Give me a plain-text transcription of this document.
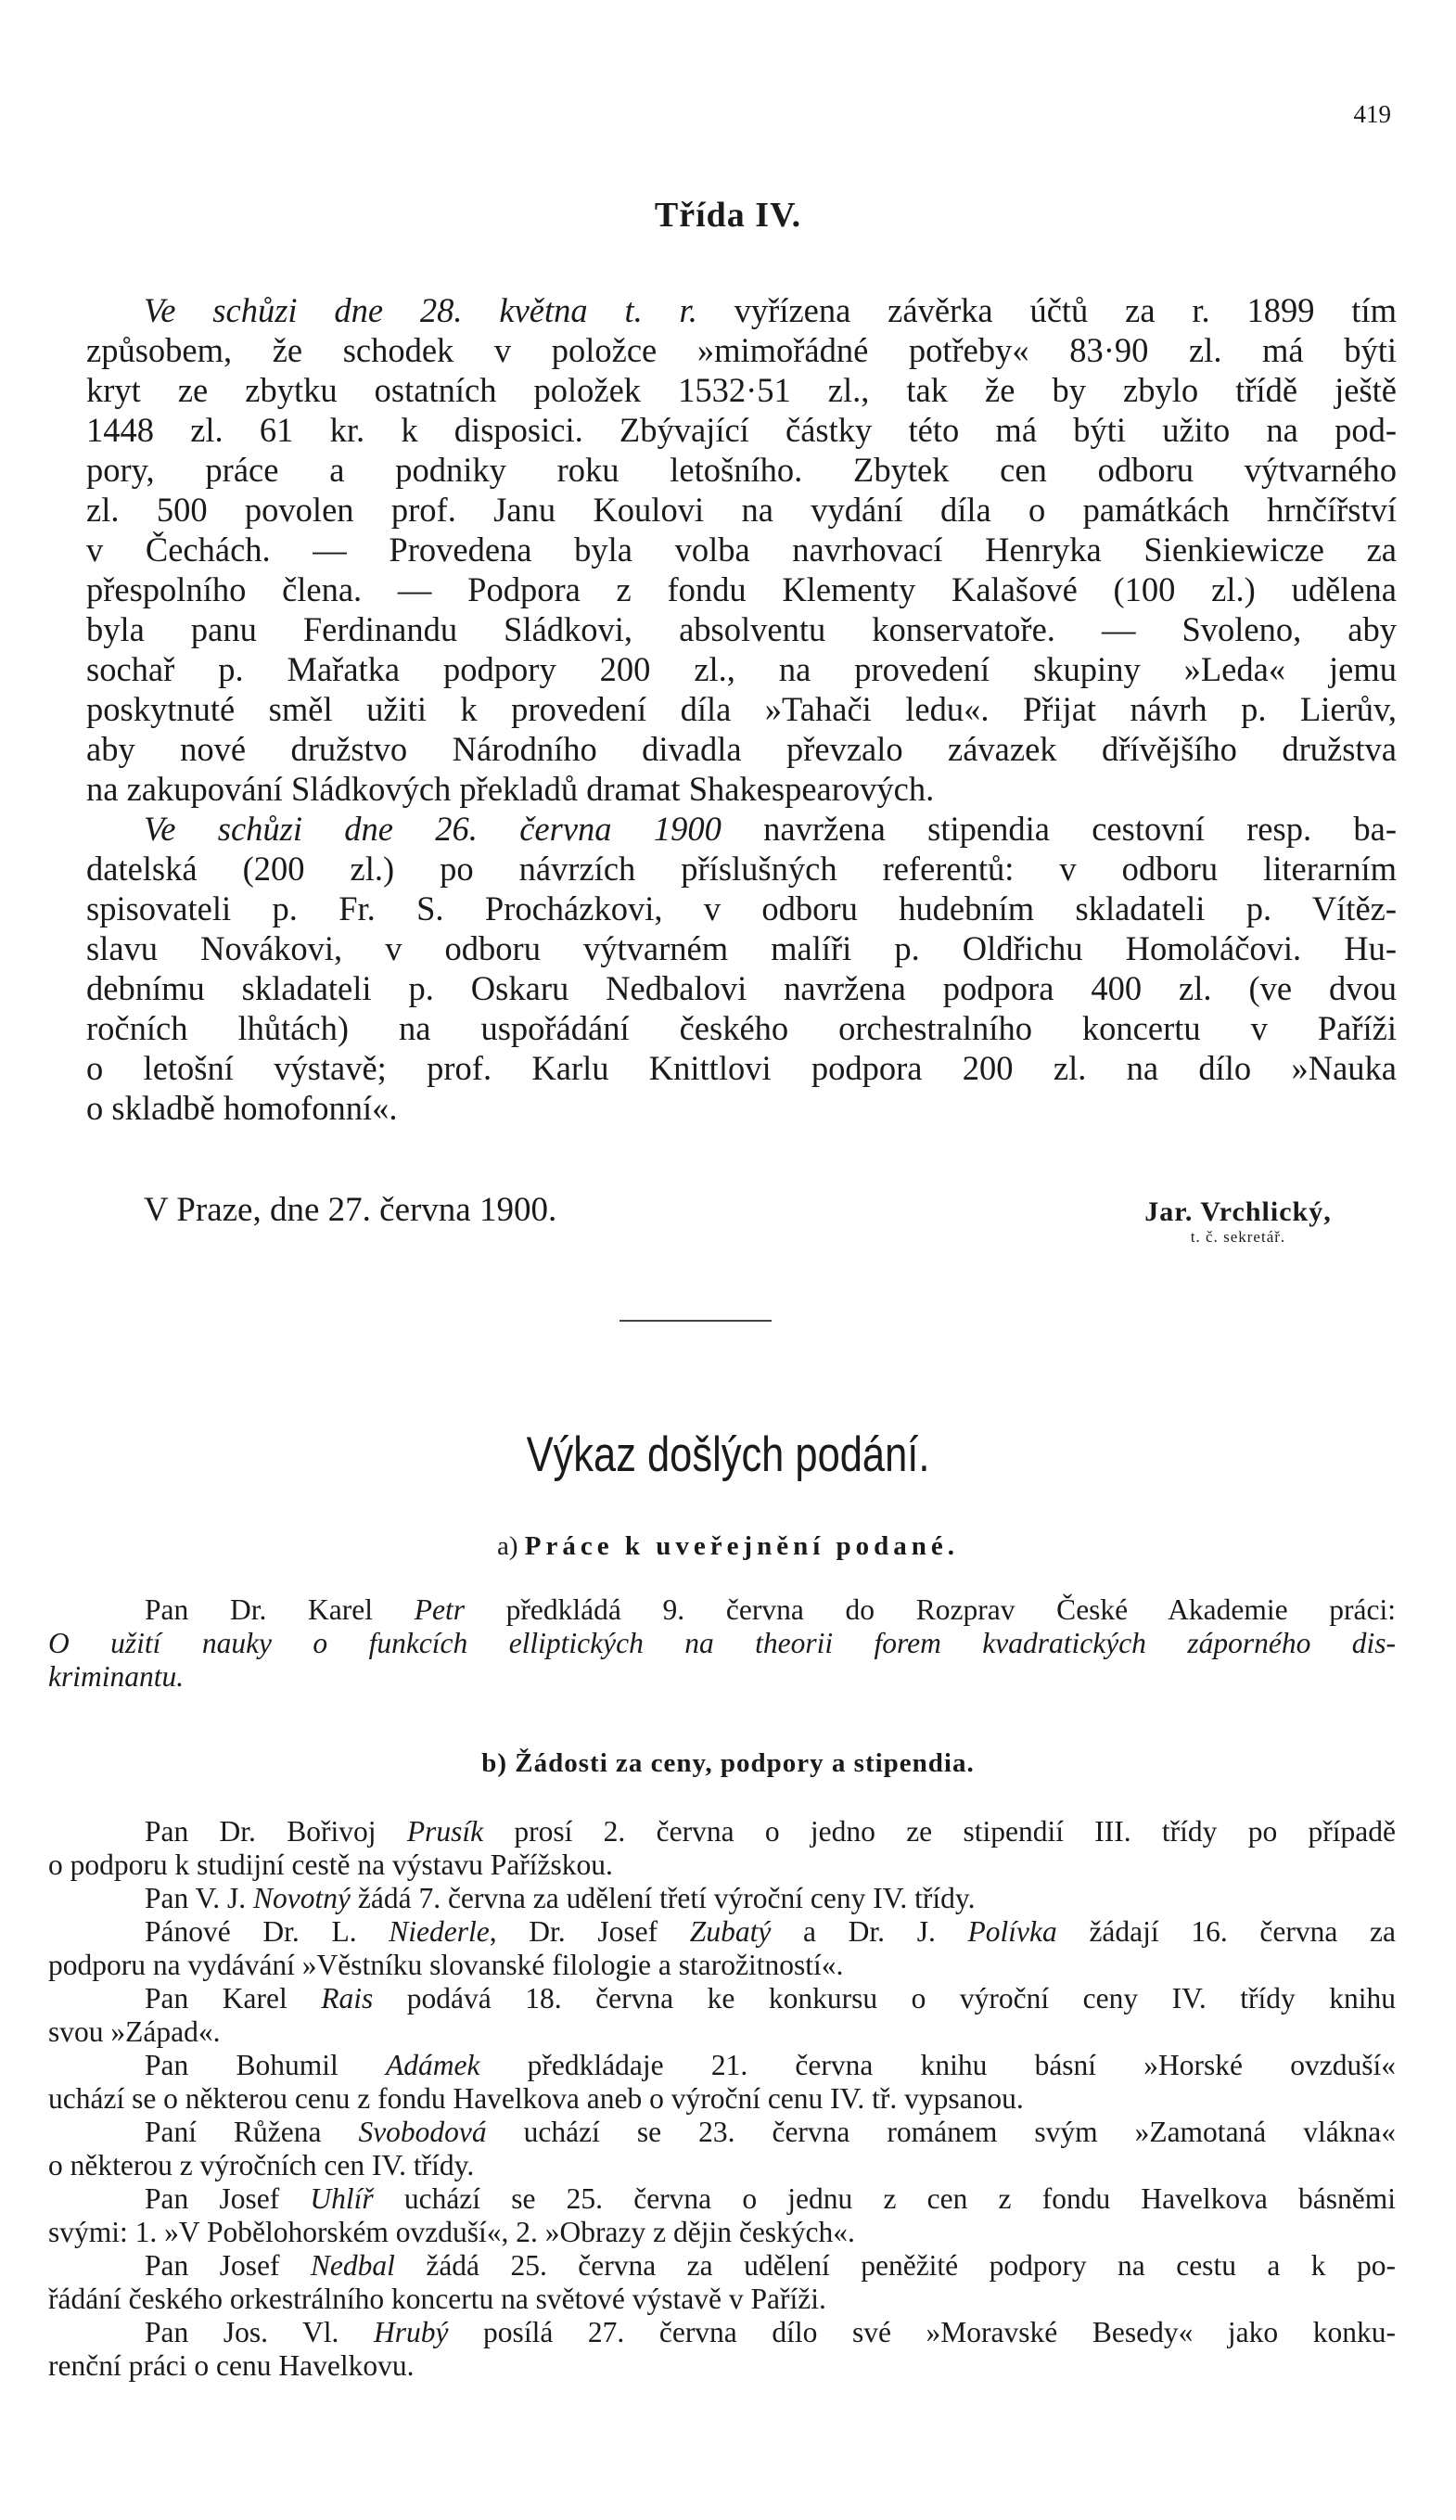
419
Třída IV.
Ve schůzi dne 28. května t. r. vyřízena závěrka účtů za r. 1899 tím
způsobem, že schodek v položce »mimořádné potřeby« 83·90 zl. má býti
kryt ze zbytku ostatních položek 1532·51 zl., tak že by zbylo třídě ještě
1448 zl. 61 kr. k disposici. Zbývající částky této má býti užito na pod-
pory, práce a podniky roku letošního. Zbytek cen odboru výtvarného
zl. 500 povolen prof. Janu Koulovi na vydání díla o památkách hrnčířství
v Čechách. — Provedena byla volba navrhovací Henryka Sienkiewicze za
přespolního člena. — Podpora z fondu Klementy Kalašové (100 zl.) udělena
byla panu Ferdinandu Sládkovi, absolventu konservatoře. — Svoleno, aby
sochař p. Mařatka podpory 200 zl., na provedení skupiny »Leda« jemu
poskytnuté směl užiti k provedení díla »Tahači ledu«. Přijat návrh p. Lierův,
aby nové družstvo Národního divadla převzalo závazek dřívějšího družstva
na zakupování Sládkových překladů dramat Shakespearových.
Ve schůzi dne 26. června 1900 navržena stipendia cestovní resp. ba-
datelská (200 zl.) po návrzích příslušných referentů: v odboru literarním
spisovateli p. Fr. S. Procházkovi, v odboru hudebním skladateli p. Vítěz-
slavu Novákovi, v odboru výtvarném malíři p. Oldřichu Homoláčovi. Hu-
debnímu skladateli p. Oskaru Nedbalovi navržena podpora 400 zl. (ve dvou
ročních lhůtách) na uspořádání českého orchestralního koncertu v Paříži
o letošní výstavě; prof. Karlu Knittlovi podpora 200 zl. na dílo »Nauka
o skladbě homofonní«.
V Praze, dne 27. června 1900.	Jar. Vrchlický,
t. č. sekretář.
Výkaz došlých podání.
a) Práce k uveřejnění podané.
Pan Dr. Karel Petr předkládá 9. června do Rozprav České Akademie práci:
O užití nauky o funkcích elliptických na theorii forem kvadratických záporného dis-
kriminantu.
b) Žádosti za ceny, podpory a stipendia.
Pan Dr. Bořivoj Prusík prosí 2. června o jedno ze stipendií III. třídy po případě
o podporu k studijní cestě na výstavu Pařížskou.
Pan V. J. Novotný žádá 7. června za udělení třetí výroční ceny IV. třídy.
Pánové Dr. L. Niederle, Dr. Josef Zubatý a Dr. J. Polívka žádají 16. června za
podporu na vydávání »Věstníku slovanské filologie a starožitností«.
Pan Karel Rais podává 18. června ke konkursu o výroční ceny IV. třídy knihu
svou »Západ«.
Pan Bohumil Adámek předkládaje 21. června knihu básní »Horské ovzduší«
uchází se o některou cenu z fondu Havelkova aneb o výroční cenu IV. tř. vypsanou.
Paní Růžena Svobodová uchází se 23. června románem svým »Zamotaná vlákna«
o některou z výročních cen IV. třídy.
Pan Josef Uhlíř uchází se 25. června o jednu z cen z fondu Havelkova básněmi
svými: 1. »V Pobělohorském ovzduší«, 2. »Obrazy z dějin českých«.
Pan Josef Nedbal žádá 25. června za udělení peněžité podpory na cestu a k po-
řádání českého orkestrálního koncertu na světové výstavě v Paříži.
Pan Jos. Vl. Hrubý posílá 27. června dílo své »Moravské Besedy« jako konku-
renční práci o cenu Havelkovu.
